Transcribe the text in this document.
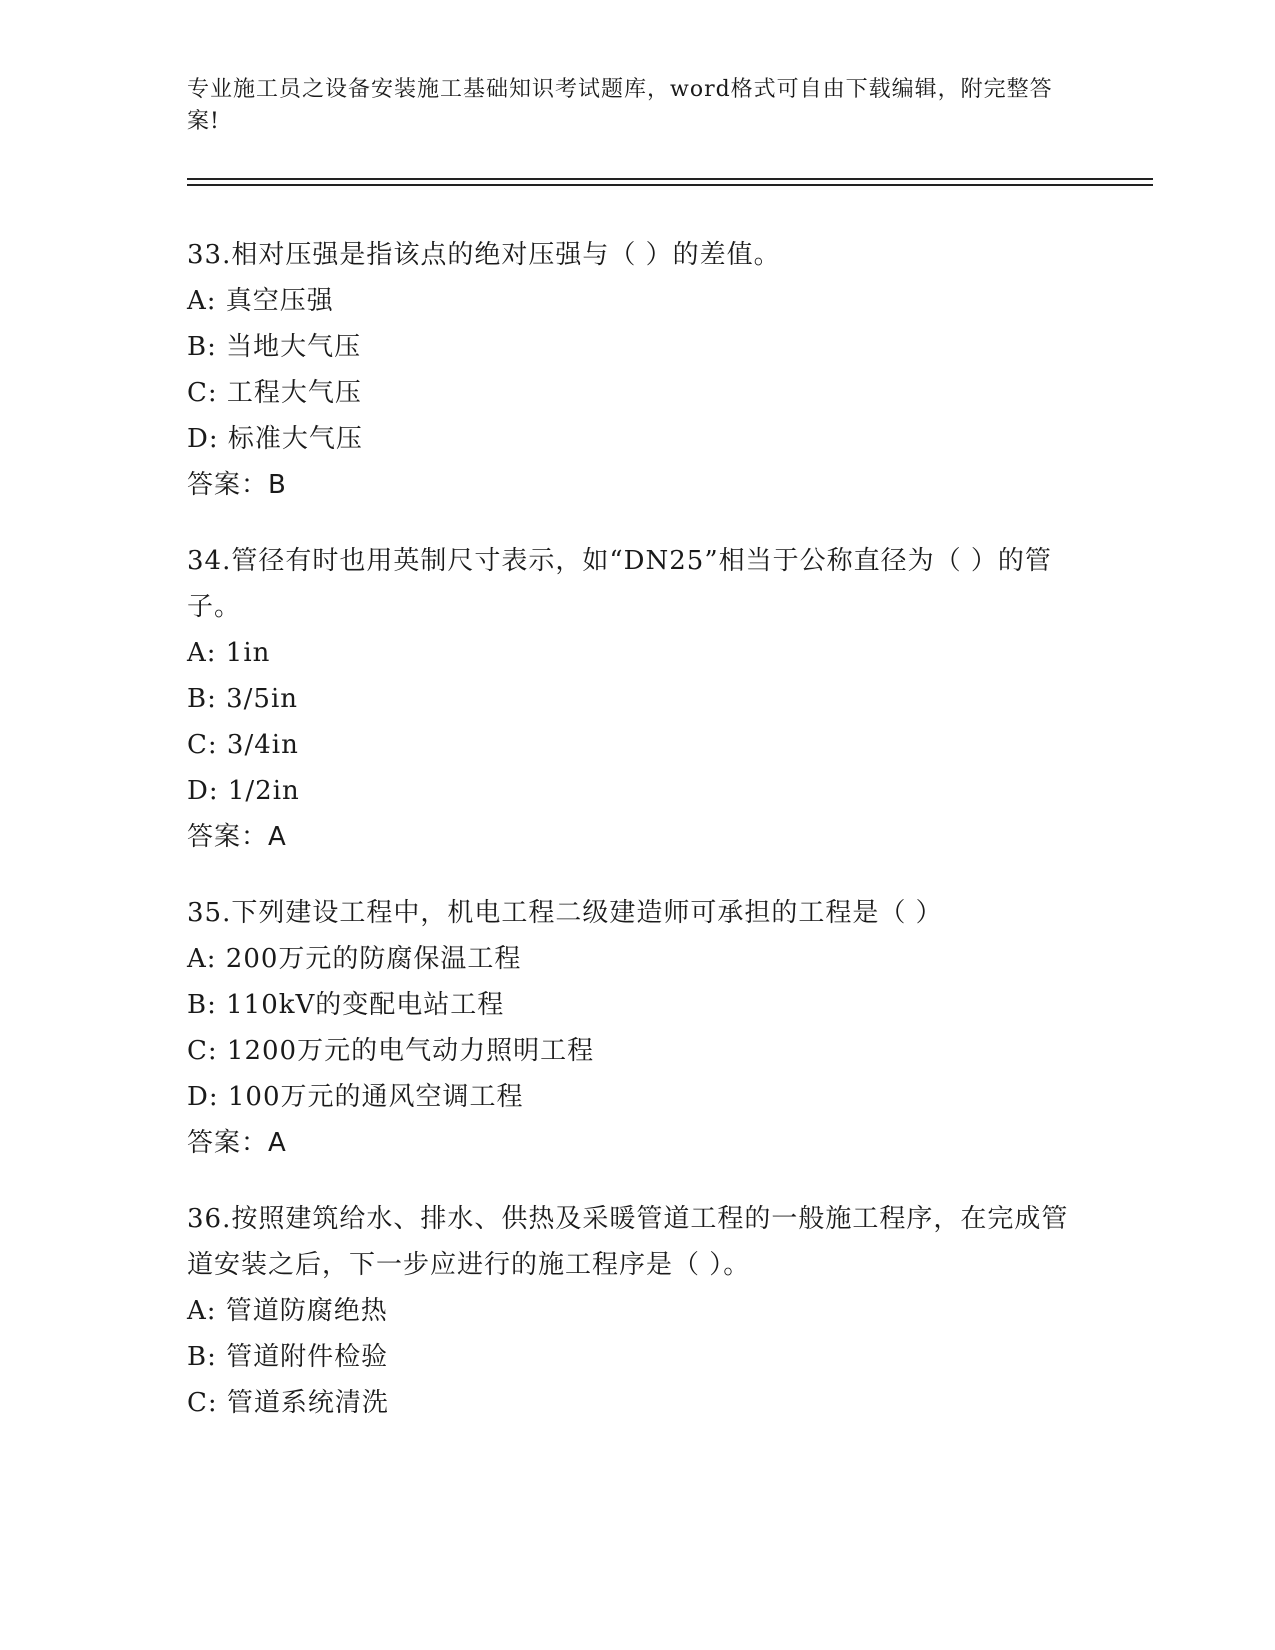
专业施工员之设备安装施工基础知识考试题库，word格式可自由下载编辑，附完整答案!
33.相对压强是指该点的绝对压强与（ ）的差值。
A: 真空压强
B: 当地大气压
C: 工程大气压
D: 标准大气压
答案：B
34.管径有时也用英制尺寸表示，如“DN25”相当于公称直径为（ ）的管子。
A: 1in
B: 3/5in
C: 3/4in
D: 1/2in
答案：A
35.下列建设工程中，机电工程二级建造师可承担的工程是（ ）
A: 200万元的防腐保温工程
B: 110kV的变配电站工程
C: 1200万元的电气动力照明工程
D: 100万元的通风空调工程
答案：A
36.按照建筑给水、排水、供热及采暖管道工程的一般施工程序，在完成管道安装之后，下一步应进行的施工程序是（ ）。
A: 管道防腐绝热
B: 管道附件检验
C: 管道系统清洗
